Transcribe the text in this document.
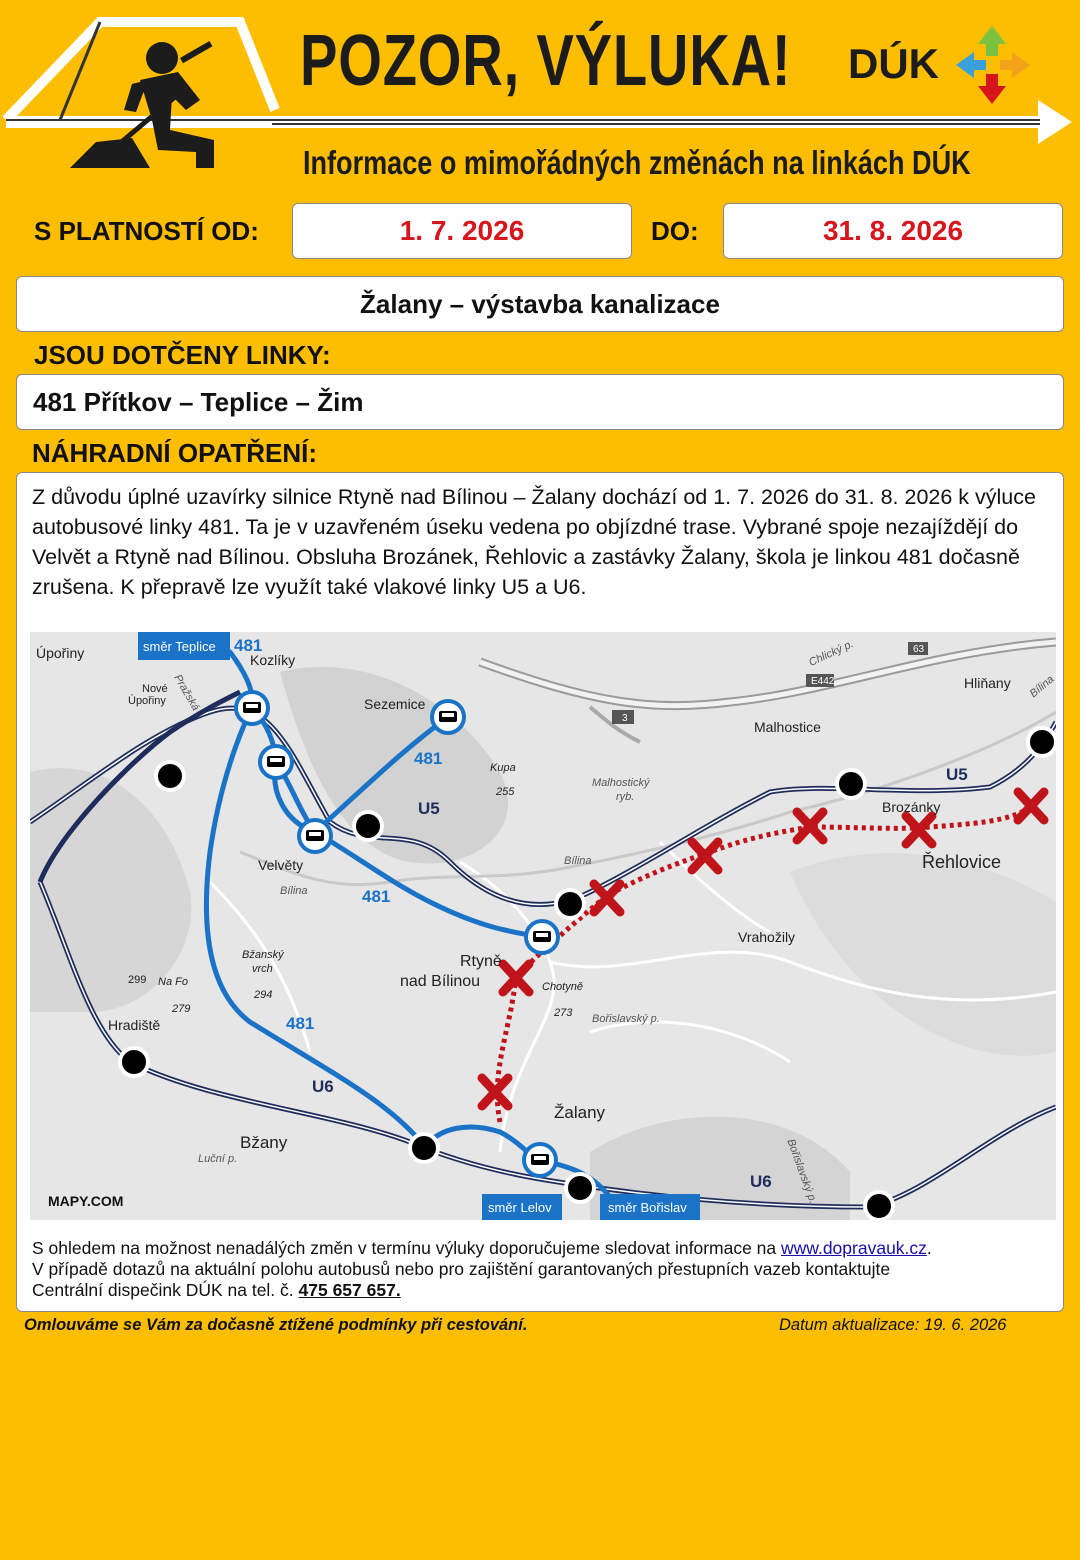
POZOR, VÝLUKA!
Informace o mimořádných změnách na linkách DÚK
DÚK
S PLATNOSTÍ OD:	1. 7. 2026	DO:	31. 8. 2026
Žalany – výstavba kanalizace
JSOU DOTČENY LINKY:
481 Přítkov – Teplice – Žim
NÁHRADNÍ OPATŘENÍ:
Z důvodu úplné uzavírky silnice Rtyně nad Bílinou – Žalany dochází od 1. 7. 2026 do 31. 8. 2026 k výluce autobusové linky 481. Ta je v uzavřeném úseku vedena po objízdné trase. Vybrané spoje nezajíždějí do Velvět a Rtyně nad Bílinou. Obsluha Brozánek, Řehlovic a zastávky Žalany, škola je linkou 481 dočasně zrušena. K přepravě lze využít také vlakové linky U5 a U6.
Úpořiny	Kozlíky
Nové
Úpořiny	Sezemice
Kupa
255
Malhostice
Malhostický
ryb.
Hliňany
Brozánky
Řehlovice
Velvěty
Rtyně
nad Bílinou
Vrahožily
Chotyně
273 Bořislavský p.
Bžanský
vrch
294
Na Fo
299
279
Hradiště
Žalany
Bžany
Luční p.	Bořislavský p.
Chlický p.
Pražská
Bílina
Bílina
Bílina
E442
63
3
U5
U5
U6
U6
481
481
481
481
směr Teplice
směr Lelov	směr Bořislav
MAPY.COM
S ohledem na možnost nenadálých změn v termínu výluky doporučujeme sledovat informace na www.dopravauk.cz.
V případě dotazů na aktuální polohu autobusů nebo pro zajištění garantovaných přestupních vazeb kontaktujte
Centrální dispečink DÚK na tel. č. 475 657 657.
Omlouváme se Vám za dočasně ztížené podmínky při cestování.	Datum aktualizace: 19. 6. 2026
